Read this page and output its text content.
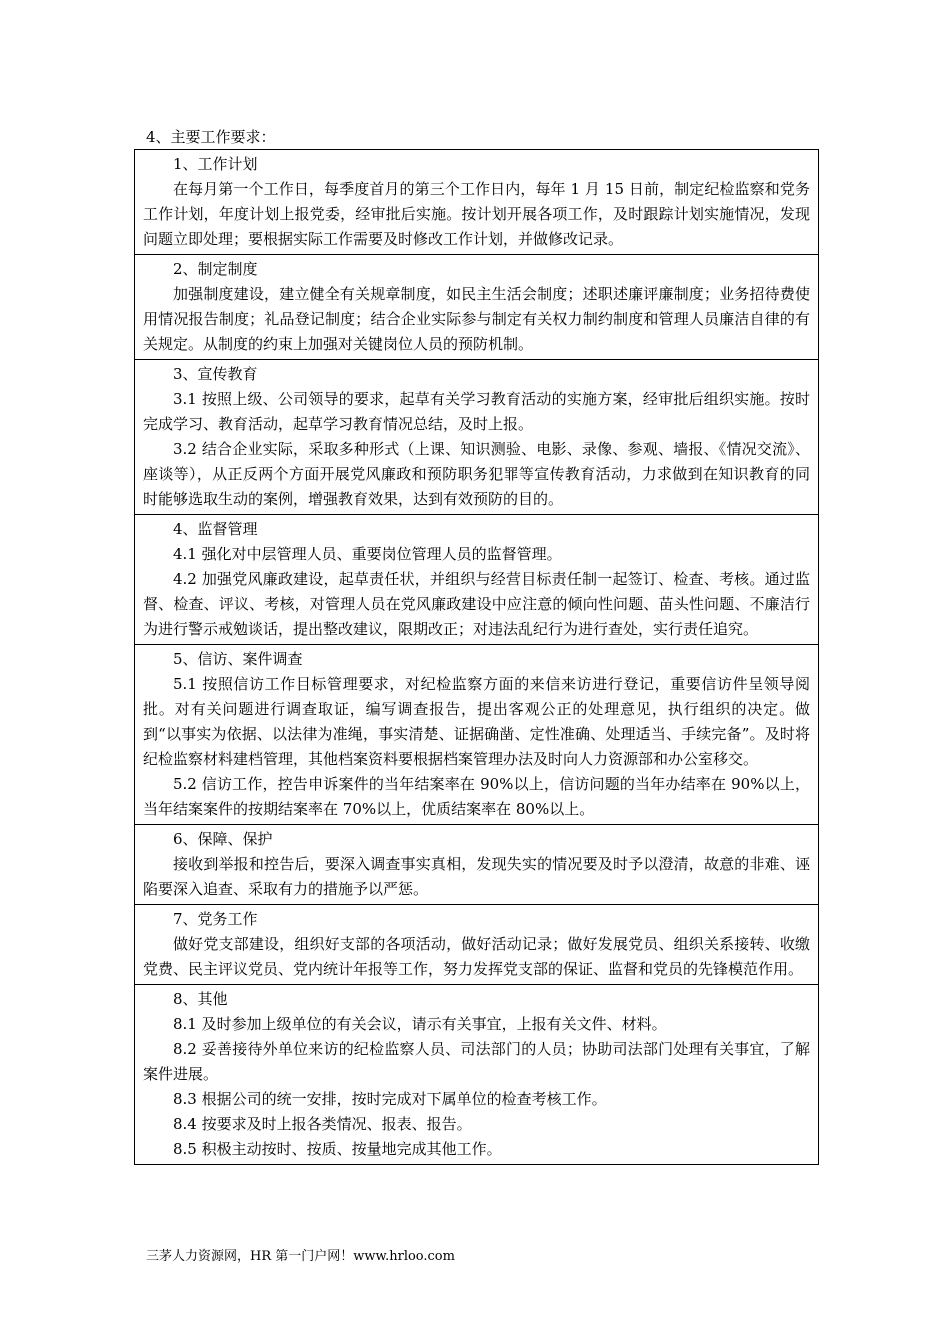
4、主要工作要求：

1、工作计划

在每月第一个工作日，每季度首月的第三个工作日内，每年 1 月 15 日前，制定纪检监察和党务工作计划，年度计划上报党委，经审批后实施。按计划开展各项工作，及时跟踪计划实施情况，发现问题立即处理；要根据实际工作需要及时修改工作计划，并做修改记录。

2、制定制度

加强制度建设，建立健全有关规章制度，如民主生活会制度；述职述廉评廉制度；业务招待费使用情况报告制度；礼品登记制度；结合企业实际参与制定有关权力制约制度和管理人员廉洁自律的有关规定。从制度的约束上加强对关键岗位人员的预防机制。

3、宣传教育

3.1 按照上级、公司领导的要求，起草有关学习教育活动的实施方案，经审批后组织实施。按时完成学习、教育活动，起草学习教育情况总结，及时上报。

3.2 结合企业实际，采取多种形式（上课、知识测验、电影、录像、参观、墙报、《情况交流》、座谈等），从正反两个方面开展党风廉政和预防职务犯罪等宣传教育活动，力求做到在知识教育的同时能够选取生动的案例，增强教育效果，达到有效预防的目的。

4、监督管理

4.1 强化对中层管理人员、重要岗位管理人员的监督管理。

4.2 加强党风廉政建设，起草责任状，并组织与经营目标责任制一起签订、检查、考核。通过监督、检查、评议、考核，对管理人员在党风廉政建设中应注意的倾向性问题、苗头性问题、不廉洁行为进行警示戒勉谈话，提出整改建议，限期改正；对违法乱纪行为进行查处，实行责任追究。

5、信访、案件调查

5.1 按照信访工作目标管理要求，对纪检监察方面的来信来访进行登记，重要信访件呈领导阅批。对有关问题进行调查取证，编写调查报告，提出客观公正的处理意见，执行组织的决定。做到“以事实为依据、以法律为准绳，事实清楚、证据确凿、定性准确、处理适当、手续完备”。及时将纪检监察材料建档管理，其他档案资料要根据档案管理办法及时向人力资源部和办公室移交。

5.2 信访工作，控告申诉案件的当年结案率在 90%以上，信访问题的当年办结率在 90%以上，当年结案案件的按期结案率在 70%以上，优质结案率在 80%以上。

6、保障、保护

接收到举报和控告后，要深入调查事实真相，发现失实的情况要及时予以澄清，故意的非难、诬陷要深入追查、采取有力的措施予以严惩。

7、党务工作

做好党支部建设，组织好支部的各项活动，做好活动记录；做好发展党员、组织关系接转、收缴党费、民主评议党员、党内统计年报等工作，努力发挥党支部的保证、监督和党员的先锋模范作用。

8、其他

8.1 及时参加上级单位的有关会议，请示有关事宜，上报有关文件、材料。

8.2 妥善接待外单位来访的纪检监察人员、司法部门的人员；协助司法部门处理有关事宜，了解案件进展。

8.3 根据公司的统一安排，按时完成对下属单位的检查考核工作。

8.4 按要求及时上报各类情况、报表、报告。

8.5 积极主动按时、按质、按量地完成其他工作。

三茅人力资源网，HR 第一门户网！www.hrloo.com
